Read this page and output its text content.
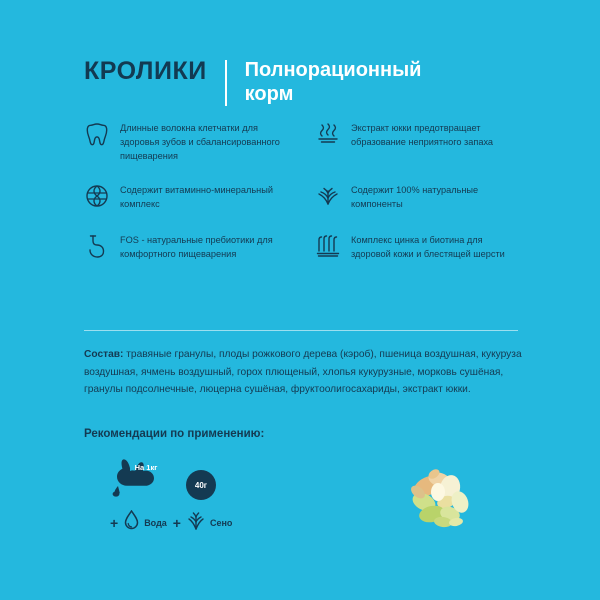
КРОЛИКИ	Полнорационный корм
Длинные волокна клетчатки для здоровья зубов и сбалансированного пищеварения
Экстракт юкки предотвращает образование неприятного запаха
Содержит витаминно-минеральный комплекс
Содержит 100% натуральные компоненты
FOS - натуральные пребиотики для комфортного пищеварения
Комплекс цинка и биотина для здоровой кожи и блестящей шерсти
Состав: травяные гранулы, плоды рожкового дерева (кэроб), пшеница воздушная, кукуруза воздушная, ячмень воздушный, горох плющеный, хлопья кукурузные, морковь сушёная, гранулы подсолнечные, люцерна сушёная, фруктоолигосахариды, экстракт юкки.
Рекомендации по применению:
40г
На 1кг
+	Вода +	Сено
